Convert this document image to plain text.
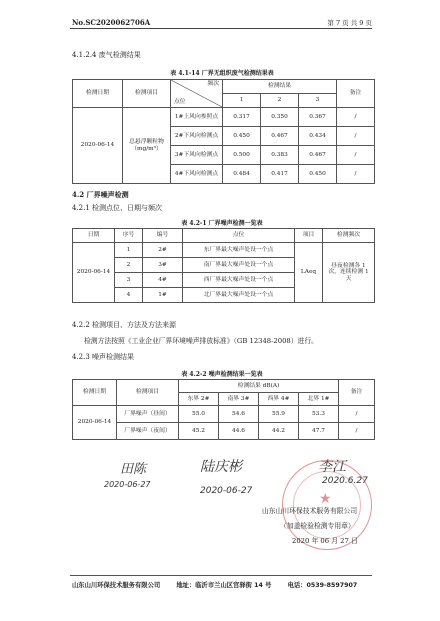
No.SC2020062706A	第 7 页 共 9 页
4.1.2.4 废气检测结果
表 4.1-14 厂界无组织废气检测结果表
检测日期	检测项目	频次
点位	检测结果			备注
			1	2	3	
2020-06-14	总悬浮颗粒物（mg/m³）	1#上风向参照点	0.317	0.350	0.367	/
		2#下风向检测点	0.450	0.467	0.434	/
		3#下风向检测点	0.500	0.383	0.467	/
		4#下风向检测点	0.484	0.417	0.450	/
4.2 厂界噪声检测
4.2.1 检测点位、日期与频次
表 4.2-1 厂界噪声检测一览表
日期	序号	编号	点位	项目	检测频次
2020-06-14	1	2#	东厂界最大噪声处设一个点	LAeq	昼夜检测各 1 次，连续检测 1 天
	2	3#	南厂界最大噪声处设一个点		
	3	4#	西厂界最大噪声处设一个点		
	4	1#	北厂界最大噪声处设一个点		
4.2.2 检测项目、方法及方法来源
检测方法按照《工业企业厂界环境噪声排放标准》（GB 12348-2008）进行。
4.2.3 噪声检测结果
表 4.2-2 噪声检测结果一览表
检测日期	检测项目	检测结果 dB(A)				备注
		东界 2#	南界 3#	西界 4#	北界 1#	
2020-06-14	厂界噪声（昼间）	55.0	54.6	55.9	53.3	/
	厂界噪声（夜间）	45.2	44.6	44.2	47.7	/
田陈	陆庆彬	李江
2020-06-27
2020-06-27
2020.6.27
★
山东山川环保技术服务有限公司
（加盖检验检测专用章）
2020 年 06 月 27 日
山东山川环保技术服务有限公司	地址：临沂市兰山区官驿街 14 号	电话：0539-8597907
